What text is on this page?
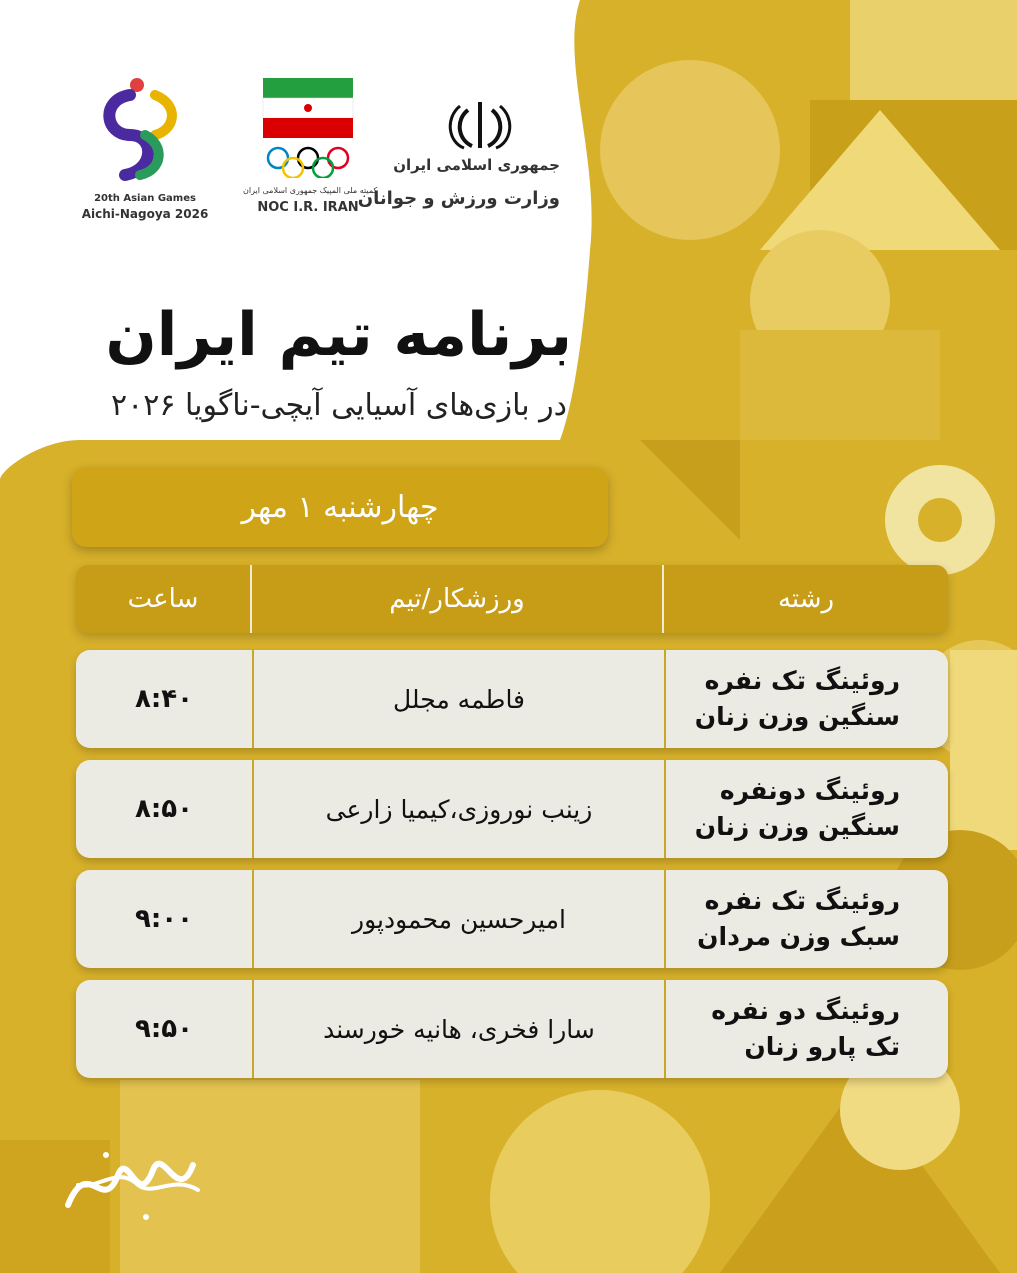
20th Asian Games
Aichi-Nagoya 2026
کمیته ملی المپیک جمهوری اسلامی ایران
NOC I.R. IRAN
جمهوری اسلامی ایران
وزارت ورزش و جوانان
برنامه تیم ایران
در بازی‌های آسیایی آیچی-ناگویا ۲۰۲۶
چهارشنبه ۱ مهر
رشته
ورزشکار/تیم
ساعت
روئینگ تک نفره
سنگین وزن زنان
فاطمه مجلل
۸:۴۰
روئینگ دونفره
سنگین وزن زنان
زینب نوروزی،کیمیا زارعی
۸:۵۰
روئینگ تک نفره
سبک وزن مردان
امیرحسین محمودپور
۹:۰۰
روئینگ دو نفره
تک پارو زنان
سارا فخری، هانیه خورسند
۹:۵۰
